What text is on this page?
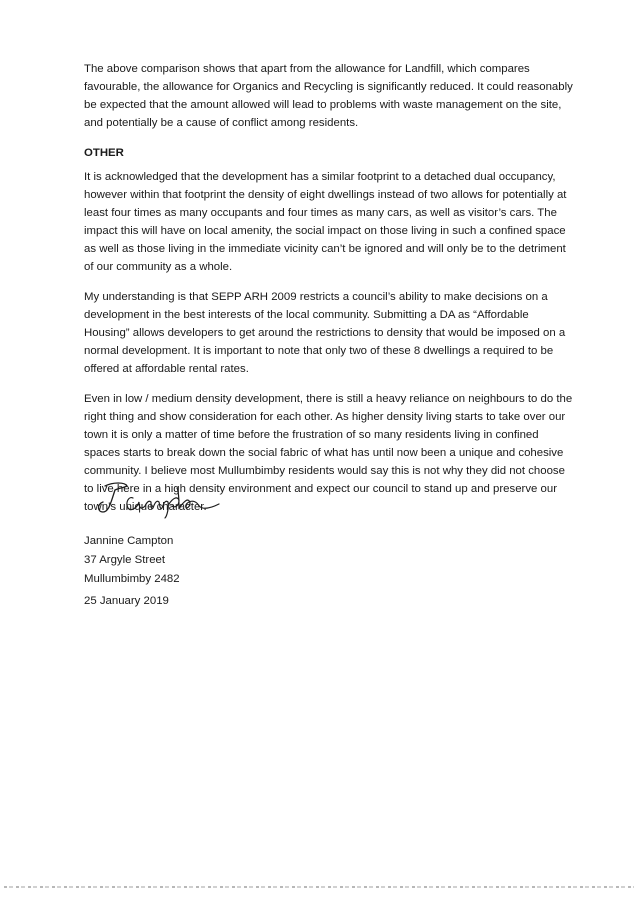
The above comparison shows that apart from the allowance for Landfill, which compares favourable, the allowance for Organics and Recycling is significantly reduced. It could reasonably be expected that the amount allowed will lead to problems with waste management on the site, and potentially be a cause of conflict among residents.

OTHER

It is acknowledged that the development has a similar footprint to a detached dual occupancy, however within that footprint the density of eight dwellings instead of two allows for potentially at least four times as many occupants and four times as many cars, as well as visitor’s cars. The impact this will have on local amenity, the social impact on those living in such a confined space as well as those living in the immediate vicinity can’t be ignored and will only be to the detriment of our community as a whole.

My understanding is that SEPP ARH 2009 restricts a council’s ability to make decisions on a development in the best interests of the local community. Submitting a DA as “Affordable Housing” allows developers to get around the restrictions to density that would be imposed on a normal development. It is important to note that only two of these 8 dwellings a required to be offered at affordable rental rates.

Even in low / medium density development, there is still a heavy reliance on neighbours to do the right thing and show consideration for each other. As higher density living starts to take over our town it is only a matter of time before the frustration of so many residents living in confined spaces starts to break down the social fabric of what has until now been a unique and cohesive community. I believe most Mullumbimby residents would say this is not why they did not choose to live here in a high density environment and expect our council to stand up and preserve our town’s unique character.

Jannine Campton
37 Argyle Street
Mullumbimby 2482
25 January 2019
